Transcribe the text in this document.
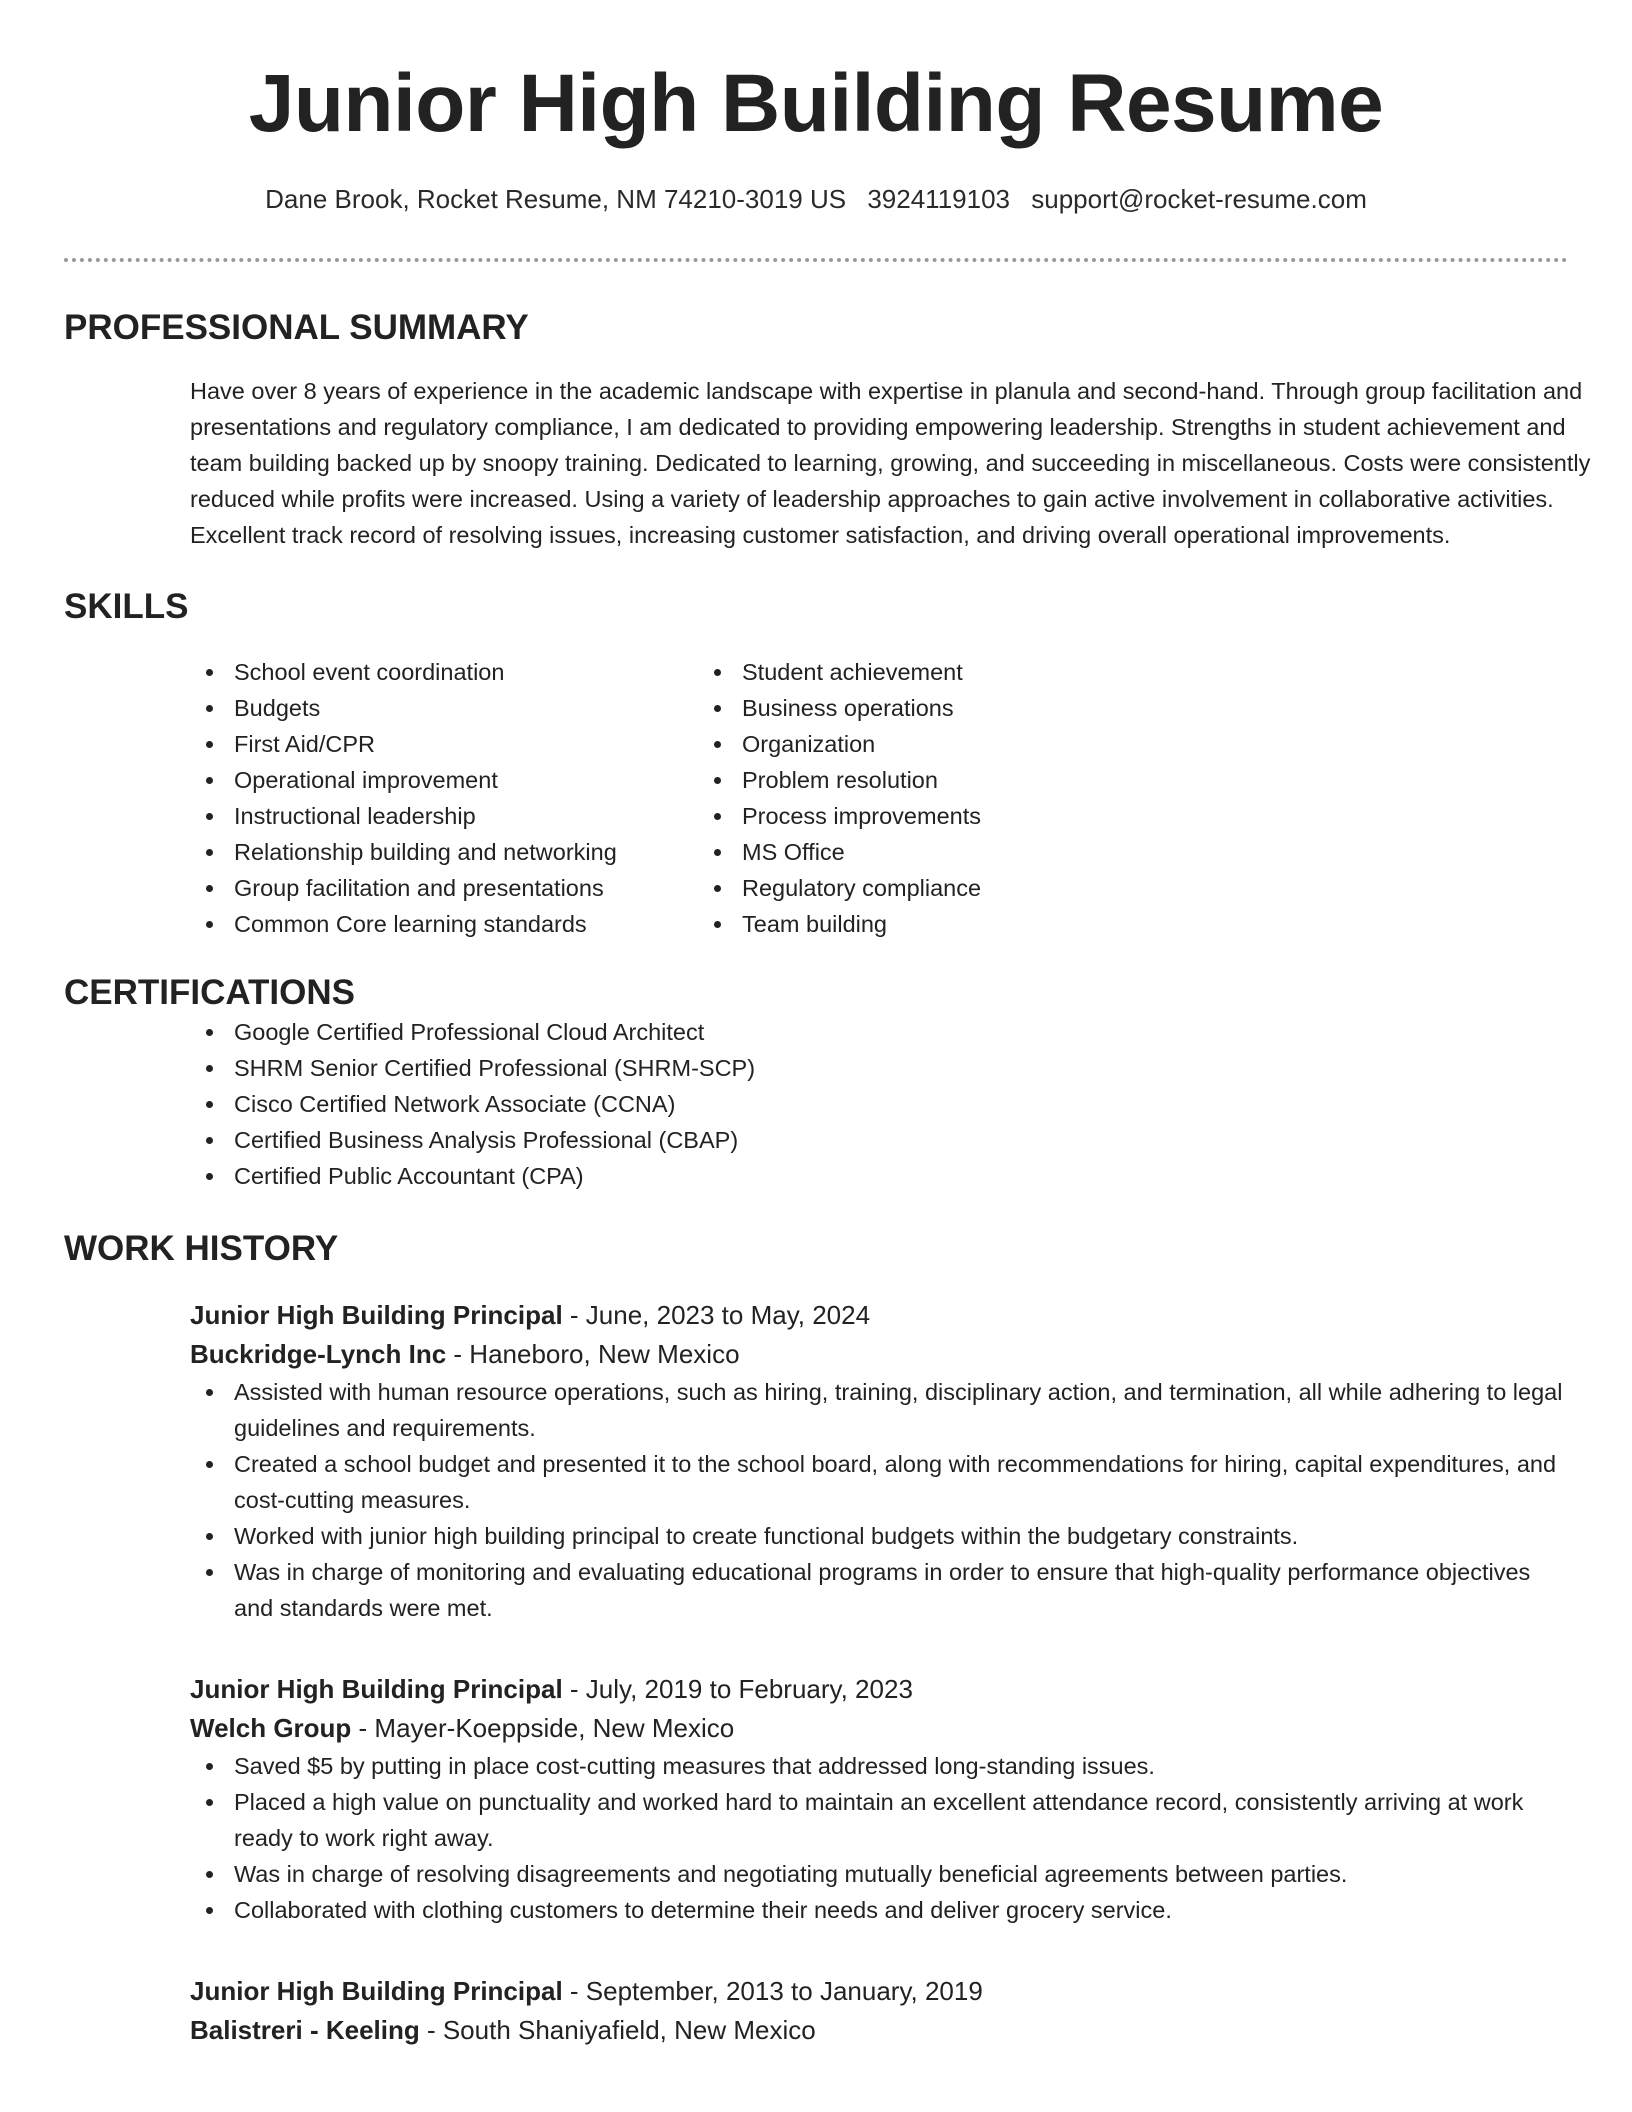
Junior High Building Resume
Dane Brook, Rocket Resume, NM 74210-3019 US 3924119103 support@rocket-resume.com
PROFESSIONAL SUMMARY

Have over 8 years of experience in the academic landscape with expertise in planula and second-hand. Through group facilitation and presentations and regulatory compliance, I am dedicated to providing empowering leadership. Strengths in student achievement and team building backed up by snoopy training. Dedicated to learning, growing, and succeeding in miscellaneous. Costs were consistently reduced while profits were increased. Using a variety of leadership approaches to gain active involvement in collaborative activities. Excellent track record of resolving issues, increasing customer satisfaction, and driving overall operational improvements.

SKILLS
School event coordination
Budgets
First Aid/CPR
Operational improvement
Instructional leadership
Relationship building and networking
Group facilitation and presentations
Common Core learning standards
Student achievement
Business operations
Organization
Problem resolution
Process improvements
MS Office
Regulatory compliance
Team building
CERTIFICATIONS
Google Certified Professional Cloud Architect
SHRM Senior Certified Professional (SHRM-SCP)
Cisco Certified Network Associate (CCNA)
Certified Business Analysis Professional (CBAP)
Certified Public Accountant (CPA)
WORK HISTORY
Junior High Building Principal - June, 2023 to May, 2024
Buckridge-Lynch Inc - Haneboro, New Mexico
Assisted with human resource operations, such as hiring, training, disciplinary action, and termination, all while adhering to legal guidelines and requirements.
Created a school budget and presented it to the school board, along with recommendations for hiring, capital expenditures, and cost-cutting measures.
Worked with junior high building principal to create functional budgets within the budgetary constraints.
Was in charge of monitoring and evaluating educational programs in order to ensure that high-quality performance objectives and standards were met.
Junior High Building Principal - July, 2019 to February, 2023
Welch Group - Mayer-Koeppside, New Mexico
Saved $5 by putting in place cost-cutting measures that addressed long-standing issues.
Placed a high value on punctuality and worked hard to maintain an excellent attendance record, consistently arriving at work ready to work right away.
Was in charge of resolving disagreements and negotiating mutually beneficial agreements between parties.
Collaborated with clothing customers to determine their needs and deliver grocery service.
Junior High Building Principal - September, 2013 to January, 2019
Balistreri - Keeling - South Shaniyafield, New Mexico
